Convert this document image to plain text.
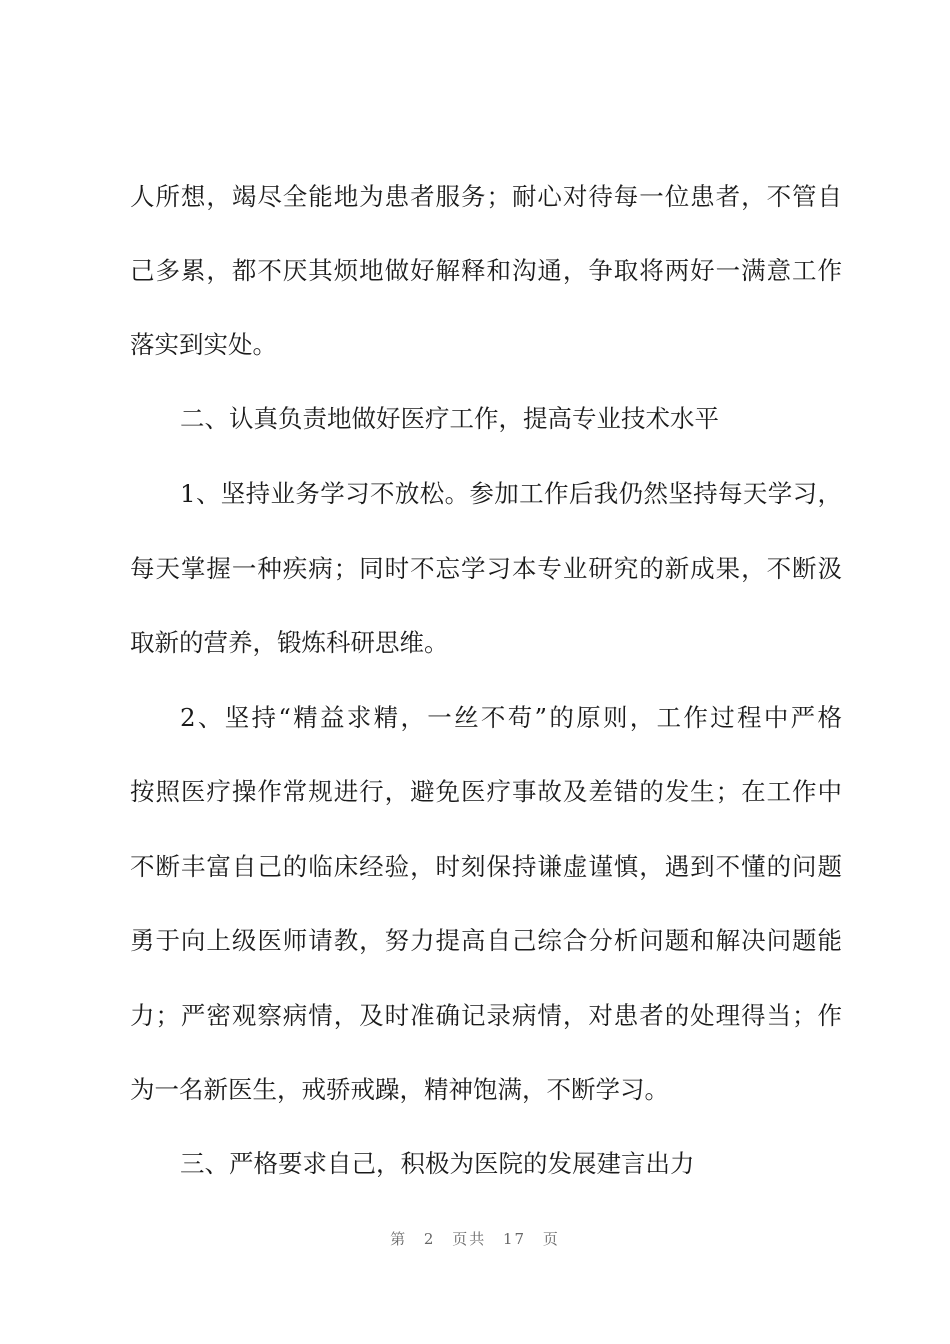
人所想，竭尽全能地为患者服务；耐心对待每一位患者，不管自
己多累，都不厌其烦地做好解释和沟通，争取将两好一满意工作
落实到实处。
二、认真负责地做好医疗工作，提高专业技术水平
1、坚持业务学习不放松。参加工作后我仍然坚持每天学习，
每天掌握一种疾病；同时不忘学习本专业研究的新成果，不断汲
取新的营养，锻炼科研思维。
2、坚持“精益求精，一丝不苟”的原则，工作过程中严格
按照医疗操作常规进行，避免医疗事故及差错的发生；在工作中
不断丰富自己的临床经验，时刻保持谦虚谨慎，遇到不懂的问题
勇于向上级医师请教，努力提高自己综合分析问题和解决问题能
力；严密观察病情，及时准确记录病情，对患者的处理得当；作
为一名新医生，戒骄戒躁，精神饱满，不断学习。
三、严格要求自己，积极为医院的发展建言出力
第 2 页共 17 页
